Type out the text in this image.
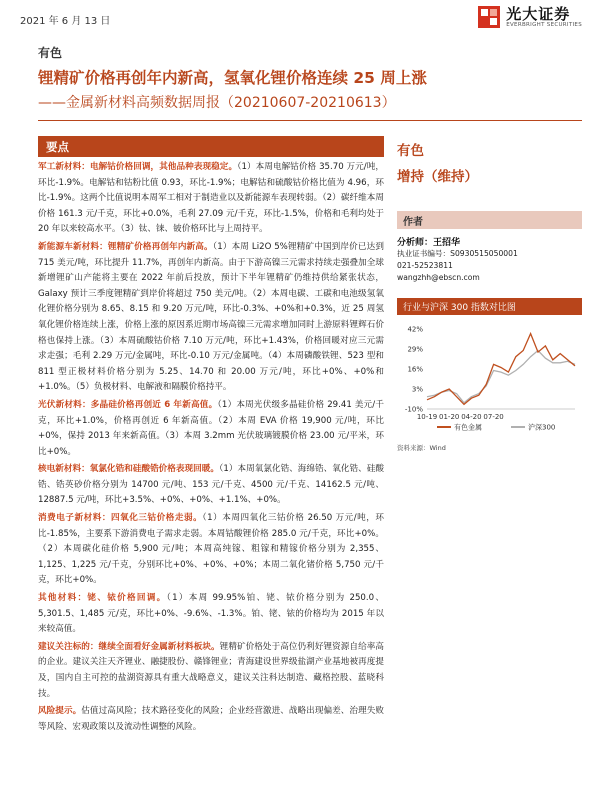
2021 年 6 月 13 日	光大证券
EVERBRIGHT SECURITIES
有色
锂精矿价格再创年内新高，氢氧化锂价格连续 25 周上涨
——金属新材料高频数据周报（20210607-20210613）
要点

军工新材料：电解钴价格回调，其他品种表现稳定。（1）本周电解钴价格 35.70 万元/吨，环比-1.9%。电解钴和钴粉比值 0.93，环比-1.9%；电解钴和硫酸钴价格比值为 4.96，环比-1.9%。这两个比值说明本周军工相对于制造业以及新能源车表现转弱。（2）碳纤维本周价格 161.3 元/千克，环比+0.0%，毛利 27.09 元/千克，环比-1.5%，价格和毛利均处于 20 年以来较高水平。（3）钛、铼、铍价格环比与上周持平。

新能源车新材料：锂精矿价格再创年内新高。（1）本周 Li2O 5%锂精矿中国到岸价已达到 715 美元/吨，环比提升 11.7%，再创年内新高。由于下游高镍三元需求持续走强叠加全球新增锂矿山产能将主要在 2022 年前后投放，预计下半年锂精矿仍维持供给紧张状态，Galaxy 预计三季度锂精矿到岸价将超过 750 美元/吨。（2）本周电碳、工碳和电池级氢氧化锂价格分别为 8.65、8.15 和 9.20 万元/吨，环比-0.3%、+0%和+0.3%，近 25 周氢氧化锂价格连续上涨，价格上涨的原因系近期市场高镍三元需求增加同时上游原料锂辉石价格也保持上涨。（3）本周硫酸钴价格 7.10 万元/吨，环比+1.43%，价格回暖对应三元需求走强；毛利 2.29 万元/金属吨，环比-0.10 万元/金属吨。（4）本周磷酸铁锂、523 型和 811 型正极材料价格分别为 5.25、14.70 和 20.00 万元/吨，环比+0%、+0%和+1.0%。（5）负极材料、电解液和隔膜价格持平。

光伏新材料：多晶硅价格再创近 6 年新高值。（1）本周光伏级多晶硅价格 29.41 美元/千克，环比+1.0%，价格再创近 6 年新高值。（2）本周 EVA 价格 19,900 元/吨，环比+0%，保持 2013 年来新高值。（3）本周 3.2mm 光伏玻璃镀膜价格 23.00 元/平米，环比+0%。

核电新材料：氧氯化锆和硅酸锆价格表现回暖。（1）本周氧氯化锆、海绵锆、氧化锆、硅酸锆、锆英砂价格分别为 14700 元/吨、153 元/千克、4500 元/千克、14162.5 元/吨、12887.5 元/吨，环比+3.5%、+0%、+0%、+1.1%、+0%。

消费电子新材料：四氧化三钴价格走弱。（1）本周四氧化三钴价格 26.50 万元/吨，环比-1.85%，主要系下游消费电子需求走弱。本周钴酸锂价格 285.0 元/千克，环比+0%。（2）本周碳化硅价格 5,900 元/吨；本周高纯镓、粗镓和精镓价格分别为 2,355、1,125、1,225 元/千克，分别环比+0%、+0%、+0%；本周二氧化锗价格 5,750 元/千克，环比+0%。

其他材料：铑、铱价格回调。（1）本周 99.95%铂、铑、铱价格分别为 250.0、5,301.5、1,485 元/克，环比+0%、-9.6%、-1.3%。铂、铑、铱的价格均为 2015 年以来较高值。

建议关注标的：继续全面看好金属新材料板块。锂精矿价格处于高位仍利好锂资源自给率高的企业。建议关注天齐锂业、融捷股份、赣锋锂业；青海建设世界级盐湖产业基地被再度提及，国内自主可控的盐湖资源具有重大战略意义，建议关注科达制造、藏格控股、蓝晓科技。

风险提示。估值过高风险；技术路径变化的风险；企业经营激进、战略出现偏差、治理失败等风险、宏观政策以及流动性调整的风险。

有色
增持（维持）
作者
分析师：王招华
执业证书编号：S0930515050001
021-52523811
wangzhh@ebscn.com
行业与沪深 300 指数对比图
42%
29%
16%
3%
-10%
10-19 01-20 04-20 07-20
有色金属	沪深300
资料来源：Wind
